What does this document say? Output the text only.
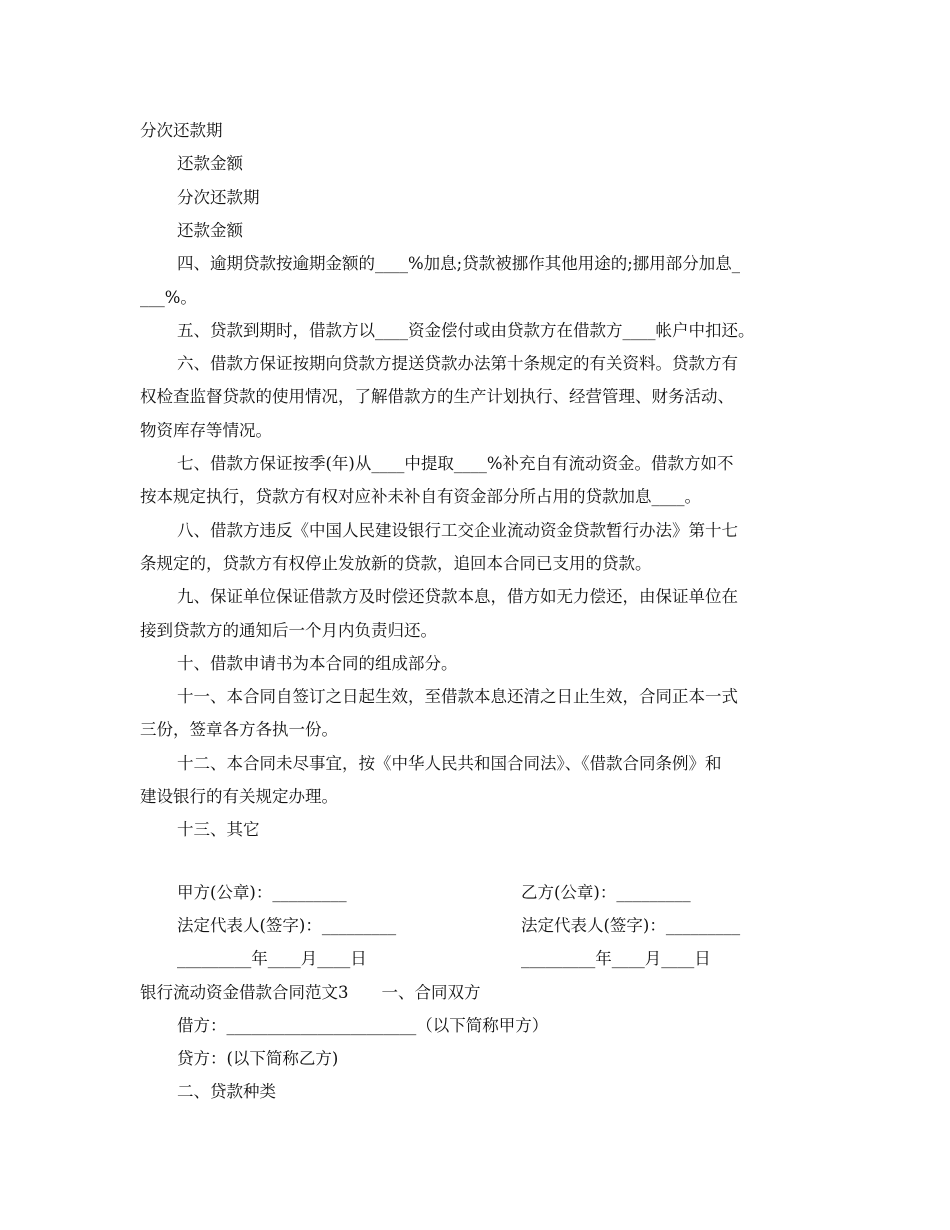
分次还款期
还款金额
分次还款期
还款金额
四、逾期贷款按逾期金额的____%加息;贷款被挪作其他用途的;挪用部分加息_
___%。
五、贷款到期时，借款方以____资金偿付或由贷款方在借款方____帐户中扣还。
六、借款方保证按期向贷款方提送贷款办法第十条规定的有关资料。贷款方有
权检查监督贷款的使用情况，了解借款方的生产计划执行、经营管理、财务活动、
物资库存等情况。
七、借款方保证按季(年)从____中提取____%补充自有流动资金。借款方如不
按本规定执行，贷款方有权对应补未补自有资金部分所占用的贷款加息____。
八、借款方违反《中国人民建设银行工交企业流动资金贷款暂行办法》第十七
条规定的，贷款方有权停止发放新的贷款，追回本合同已支用的贷款。
九、保证单位保证借款方及时偿还贷款本息，借方如无力偿还，由保证单位在
接到贷款方的通知后一个月内负责归还。
十、借款申请书为本合同的组成部分。
十一、本合同自签订之日起生效，至借款本息还清之日止生效，合同正本一式
三份，签章各方各执一份。
十二、本合同未尽事宜，按《中华人民共和国合同法》、《借款合同条例》和
建设银行的有关规定办理。
十三、其它
甲方(公章)：_________	乙方(公章)：_________
法定代表人(签字)：_________	法定代表人(签字)：_________
_________年____月____日	_________年____月____日
银行流动资金借款合同范文3　　一、合同双方
借方：_______________________（以下简称甲方）
贷方：(以下简称乙方)
二、贷款种类
